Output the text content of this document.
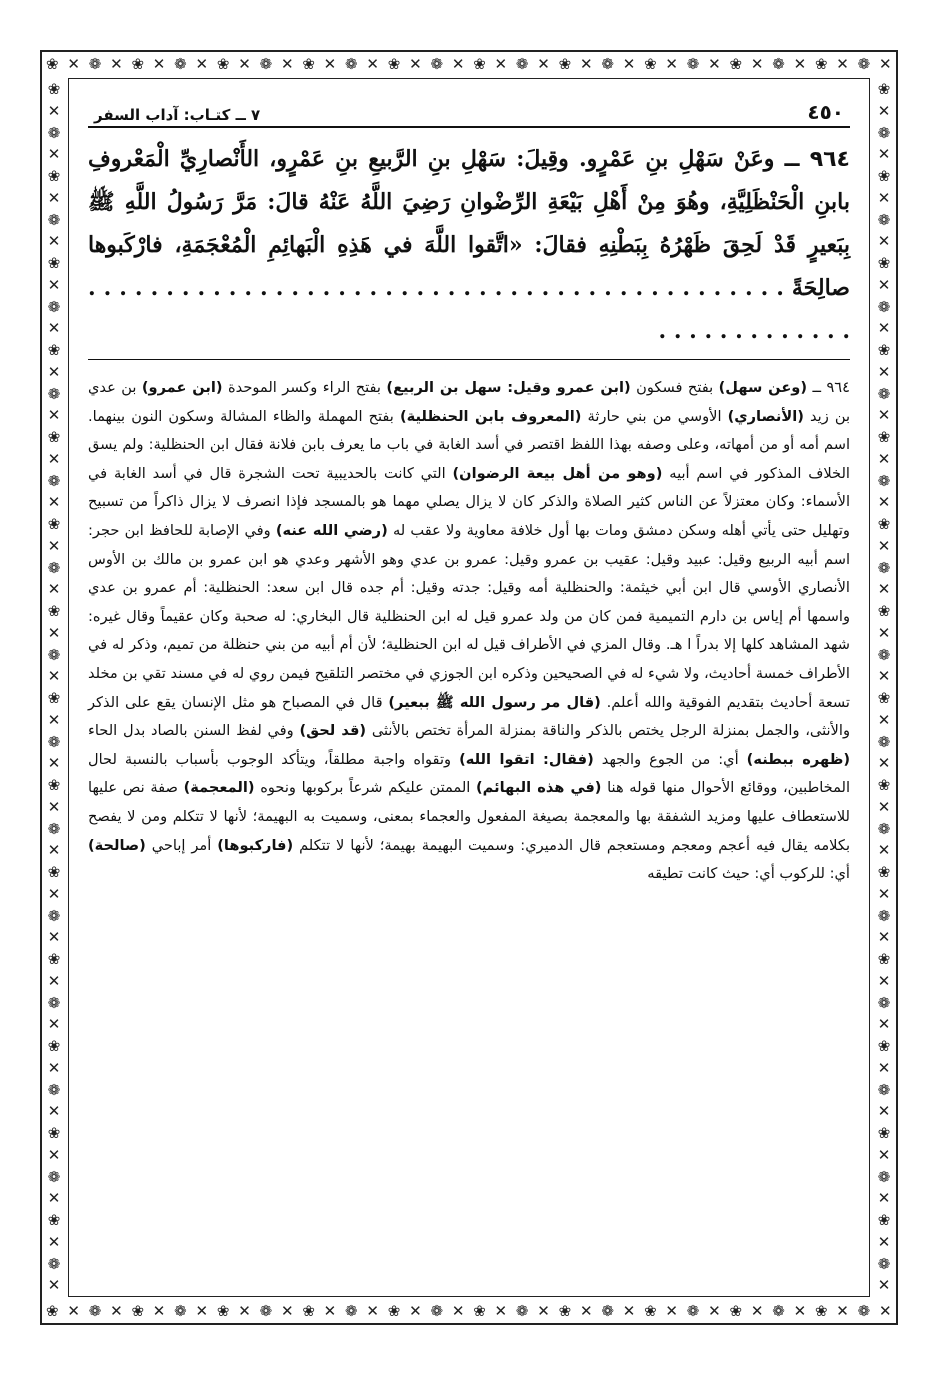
❀ ✕ ❁ ✕ ❀ ✕ ❁ ✕ ❀ ✕ ❁ ✕ ❀ ✕ ❁ ✕ ❀ ✕ ❁ ✕ ❀ ✕ ❁ ✕ ❀ ✕ ❁ ✕ ❀ ✕ ❁ ✕ ❀ ✕ ❁ ✕ ❀ ✕ ❁ ✕
❀ ✕ ❁ ✕ ❀ ✕ ❁ ✕ ❀ ✕ ❁ ✕ ❀ ✕ ❁ ✕ ❀ ✕ ❁ ✕ ❀ ✕ ❁ ✕ ❀ ✕ ❁ ✕ ❀ ✕ ❁ ✕ ❀ ✕ ❁ ✕ ❀ ✕ ❁ ✕
❀
✕
❁
✕
❀
✕
❁
✕
❀
✕
❁
✕
❀
✕
❁
✕
❀
✕
❁
✕
❀
✕
❁
✕
❀
✕
❁
✕
❀
✕
❁
✕
❀
✕
❁
✕
❀
✕
❁
✕
❀
✕
❁
✕
❀
✕
❁
✕
❀
✕
❁
✕
❀
✕
❁
✕
❀
✕
❁
✕
❀
✕
❁
✕
❀
✕
❁
✕
❀
✕
❁
✕
❀
✕
❁
✕
❀
✕
❁
✕
❀
✕
❁
✕
❀
✕
❁
✕
❀
✕
❁
✕
❀
✕
❁
✕
❀
✕
❁
✕
❀
✕
❁
✕
❀
✕
❁
✕
❀
✕
❁
✕
٤٥٠
٧ ــ كتـاب: آداب السفر
٩٦٤ ــ وعَنْ سَهْلِ بنِ عَمْرٍو. وقِيلَ: سَهْلِ بنِ الرَّبيعِ بنِ عَمْرٍو، الأَنْصارِيِّ الْمَعْروفِ بابنِ الْحَنْظَلِيَّةِ، وهُوَ مِنْ أَهْلِ بَيْعَةِ الرِّضْوانِ رَضِيَ اللَّهُ عَنْهُ قالَ: مَرَّ رَسُولُ اللَّهِ ﷺ بِبَعيرٍ قَدْ لَحِقَ ظَهْرُهُ بِبَطْنِهِ فقالَ: «اتَّقوا اللَّهَ في هَذِهِ الْبَهائِمِ الْمُعْجَمَةِ، فارْكَبوها صالِحَةً . . . . . . . . . . . . . . . . . . . . . . . . . . . . . . . . . . . . . . . . . . . . . . . . . . . . . . . . . .
٩٦٤ ــ (وعن سهل) بفتح فسكون (ابن عمرو وقيل: سهل بن الربيع) بفتح الراء وكسر الموحدة (ابن عمرو) بن عدي بن زيد (الأنصاري) الأوسي من بني حارثة (المعروف بابن الحنظلية) بفتح المهملة والظاء المشالة وسكون النون بينهما. اسم أمه أو من أمهاته، وعلى وصفه بهذا اللفظ اقتصر في أسد الغابة في باب ما يعرف بابن فلانة فقال ابن الحنظلية: ولم يسق الخلاف المذكور في اسم أبيه (وهو من أهل بيعة الرضوان) التي كانت بالحديبية تحت الشجرة قال في أسد الغابة في الأسماء: وكان معتزلاً عن الناس كثير الصلاة والذكر كان لا يزال يصلي مهما هو بالمسجد فإذا انصرف لا يزال ذاكراً من تسبيح وتهليل حتى يأتي أهله وسكن دمشق ومات بها أول خلافة معاوية ولا عقب له (رضي الله عنه) وفي الإصابة للحافظ ابن حجر: اسم أبيه الربيع وقيل: عبيد وقيل: عقيب بن عمرو وقيل: عمرو بن عدي وهو الأشهر وعدي هو ابن عمرو بن مالك بن الأوس الأنصاري الأوسي قال ابن أبي خيثمة: والحنظلية أمه وقيل: جدته وقيل: أم جده قال ابن سعد: الحنظلية: أم عمرو بن عدي واسمها أم إياس بن دارم التميمية فمن كان من ولد عمرو قيل له ابن الحنظلية قال البخاري: له صحبة وكان عقيماً وقال غيره: شهد المشاهد كلها إلا بدراً ا هـ. وقال المزي في الأطراف قيل له ابن الحنظلية؛ لأن أم أبيه من بني حنظلة من تميم، وذكر له في الأطراف خمسة أحاديث، ولا شيء له في الصحيحين وذكره ابن الجوزي في مختصر التلقيح فيمن روي له في مسند تقي بن مخلد تسعة أحاديث بتقديم الفوقية والله أعلم. (قال مر رسول الله ﷺ ببعير) قال في المصباح هو مثل الإنسان يقع على الذكر والأنثى، والجمل بمنزلة الرجل يختص بالذكر والناقة بمنزلة المرأة تختص بالأنثى (قد لحق) وفي لفظ السنن بالصاد بدل الحاء (ظهره ببطنه) أي: من الجوع والجهد (فقال: اتقوا الله) وتقواه واجبة مطلقاً، ويتأكد الوجوب بأسباب بالنسبة لحال المخاطبين، ووقائع الأحوال منها قوله هنا (في هذه البهائم) الممتن عليكم شرعاً بركوبها ونحوه (المعجمة) صفة نص عليها للاستعطاف عليها ومزيد الشفقة بها والمعجمة بصيغة المفعول والعجماء بمعنى، وسميت به البهيمة؛ لأنها لا تتكلم ومن لا يفصح بكلامه يقال فيه أعجم ومعجم ومستعجم قال الدميري: وسميت البهيمة بهيمة؛ لأنها لا تتكلم (فاركبوها) أمر إباحي (صالحة) أي: للركوب أي: حيث كانت تطيقه
